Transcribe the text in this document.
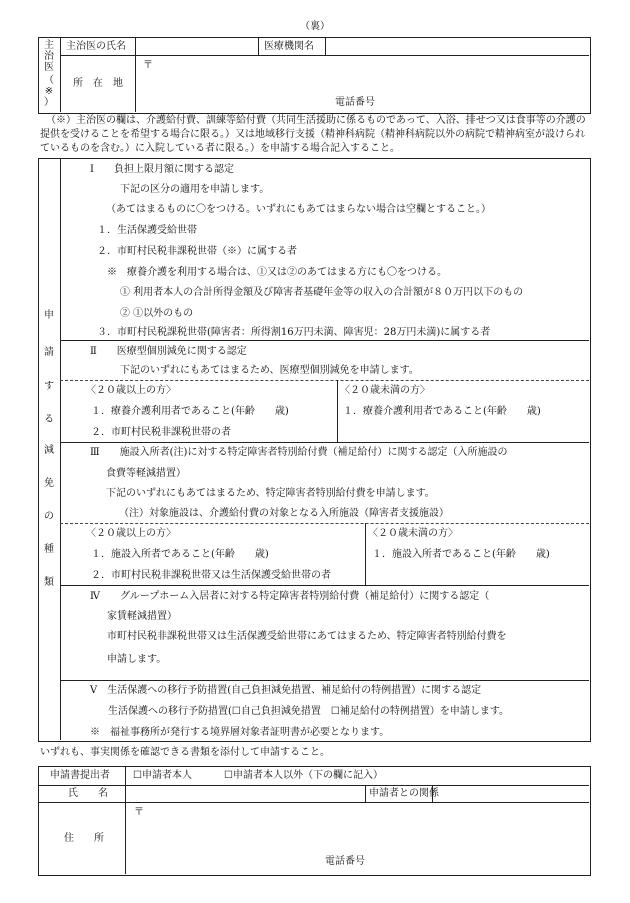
（裏）
主
治
医
（
※
）
主治医の氏名	医療機関名
所　在　地
〒
電話番号
（※）主治医の欄は、介護給付費、訓練等給付費（共同生活援助に係るものであって、入浴、排せつ又は食事等の介護の提供を受けることを希望する場合に限る。）又は地域移行支援（精神科病院（精神科病院以外の病院で精神病室が設けられているものを含む。）に入院している者に限る。）を申請する場合記入すること。
申
請
す
る
減
免
の
種
類
Ⅰ　　負担上限月額に関する認定
下記の区分の適用を申請します。
（あてはまるものに〇をつける。いずれにもあてはまらない場合は空欄とすること。）
１．生活保護受給世帯
２．市町村民税非課税世帯（※）に属する者
※　療養介護を利用する場合は、①又は②のあてはまる方にも〇をつける。
① 利用者本人の合計所得金額及び障害者基礎年金等の収入の合計額が８０万円以下のもの
② ①以外のもの
３．市町村民税課税世帯(障害者：所得割16万円未満、障害児：28万円未満)に属する者
Ⅱ　　医療型個別減免に関する認定
下記のいずれにもあてはまるため、医療型個別減免を申請します。
〈２０歳以上の方〉
１．療養介護利用者であること(年齢　　歳)
２．市町村民税非課税世帯の者
〈２０歳未満の方〉
１．療養介護利用者であること(年齢　　歳)
Ⅲ　　施設入所者(注)に対する特定障害者特別給付費（補足給付）に関する認定（入所施設の
食費等軽減措置）
下記のいずれにもあてはまるため、特定障害者特別給付費を申請します。
（注）対象施設は、介護給付費の対象となる入所施設（障害者支援施設）
〈２０歳以上の方〉
１．施設入所者であること(年齢　　歳)
２．市町村民税非課税世帯又は生活保護受給世帯の者
〈２０歳未満の方〉
１．施設入所者であること(年齢　　歳)
Ⅳ　　グループホーム入居者に対する特定障害者特別給付費（補足給付）に関する認定（
家賃軽減措置）
市町村民税非課税世帯又は生活保護受給世帯にあてはまるため、特定障害者特別給付費を
申請します。
Ⅴ　生活保護への移行予防措置(自己負担減免措置、補足給付の特例措置）に関する認定
生活保護への移行予防措置(☐自己負担減免措置　☐補足給付の特例措置）を申請します。
※　福祉事務所が発行する境界層対象者証明書が必要となります。
いずれも、事実関係を確認できる書類を添付して申請すること。
申請書提出者 ☐申請者本人	☐申請者本人以外（下の欄に記入）
氏　　名	申請者との関係
住　　所
〒
電話番号
